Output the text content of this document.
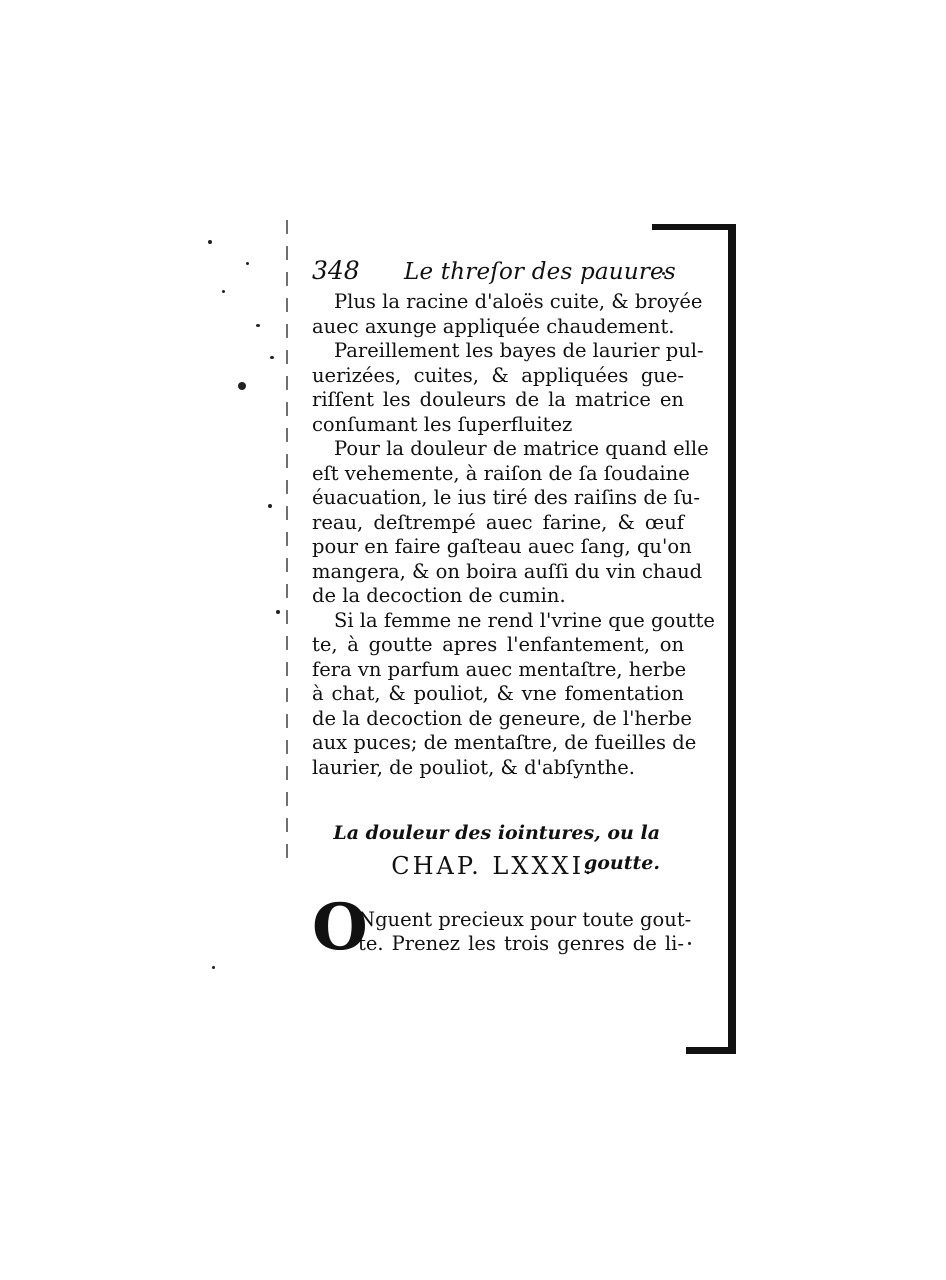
348	Le threſor des pauures
Plus la racine d'aloës cuite, & broyée
auec axunge appliquée chaudement.
Pareillement les bayes de laurier pul-
uerizées, cuites, & appliquées gue-
riſſent les douleurs de la matrice en
conſumant les ſuperfluitez
Pour la douleur de matrice quand elle
eſt vehemente, à raiſon de ſa ſoudaine
éuacuation, le ius tiré des raiſins de ſu-
reau, deſtrempé auec farine, & œuf
pour en faire gaſteau auec ſang, qu'on
mangera, & on boira auſſi du vin chaud
de la decoction de cumin.
Si la femme ne rend l'vrine que goutte
te, à goutte apres l'enfantement, on
fera vn parfum auec mentaſtre, herbe
à chat, & pouliot, & vne fomentation
de la decoction de geneure, de l'herbe
aux puces; de mentaſtre, de fueilles de
laurier, de pouliot, & d'abſynthe.
La douleur des iointures, ou la goutte.
CHAP. LXXXI.
O
Nguent precieux pour toute gout-
te. Prenez les trois genres de li-
